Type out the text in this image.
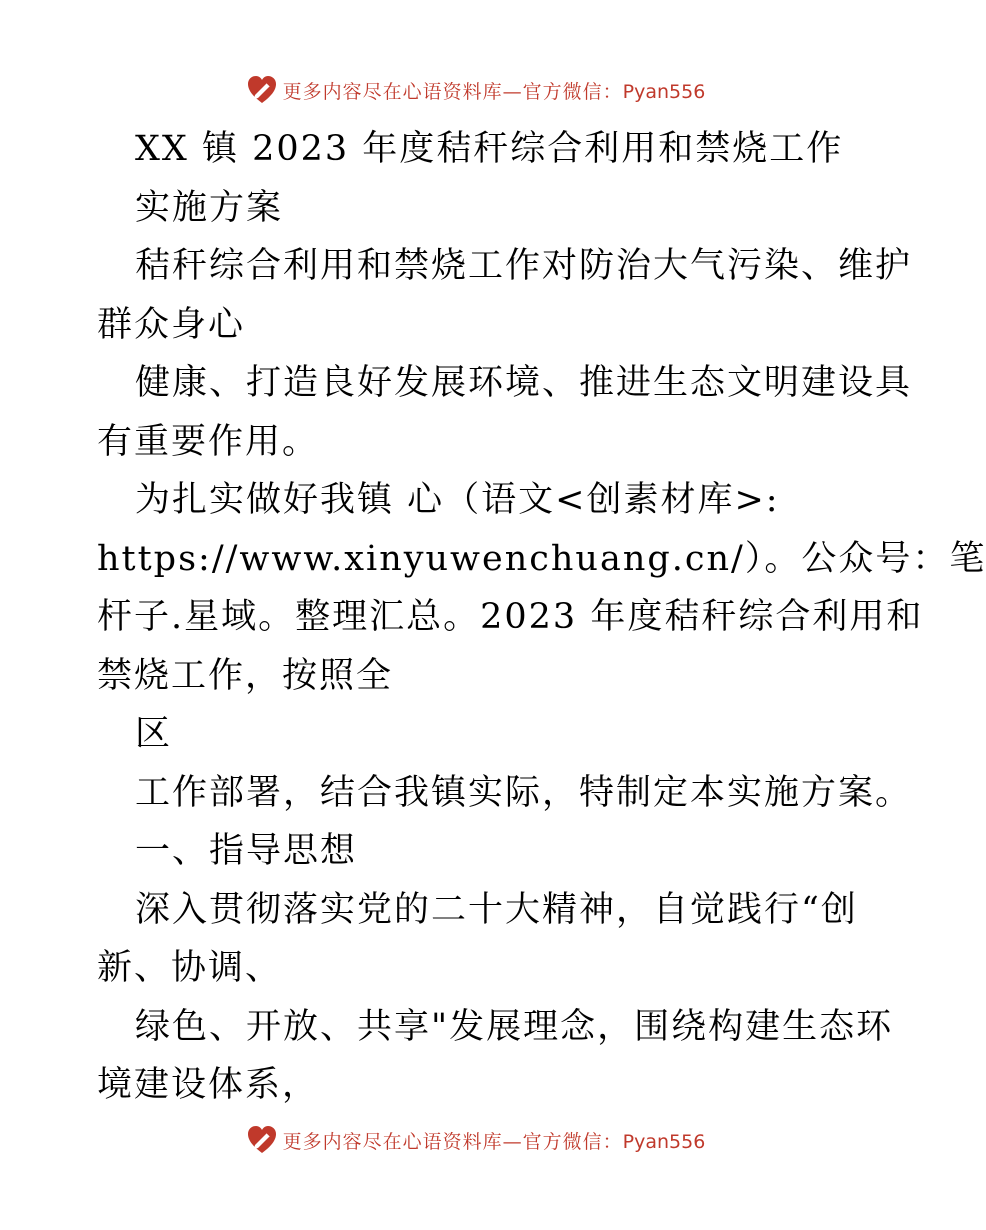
更多内容尽在心语资料库—官方微信：Pyan556
XX 镇 2023 年度秸秆综合利用和禁烧工作
实施方案
秸秆综合利用和禁烧工作对防治大气污染、维护
群众身心
健康、打造良好发展环境、推进生态文明建设具
有重要作用。
为扎实做好我镇 心（语文<创素材库>:
https://www.xinyuwenchuang.cn/）。公众号：笔
杆子.星域。整理汇总。2023 年度秸秆综合利用和
禁烧工作，按照全
区
工作部署，结合我镇实际，特制定本实施方案。
一、指导思想
深入贯彻落实党的二十大精神，自觉践行“创
新、协调、
绿色、开放、共享"发展理念，围绕构建生态环
境建设体系，
更多内容尽在心语资料库—官方微信：Pyan556
